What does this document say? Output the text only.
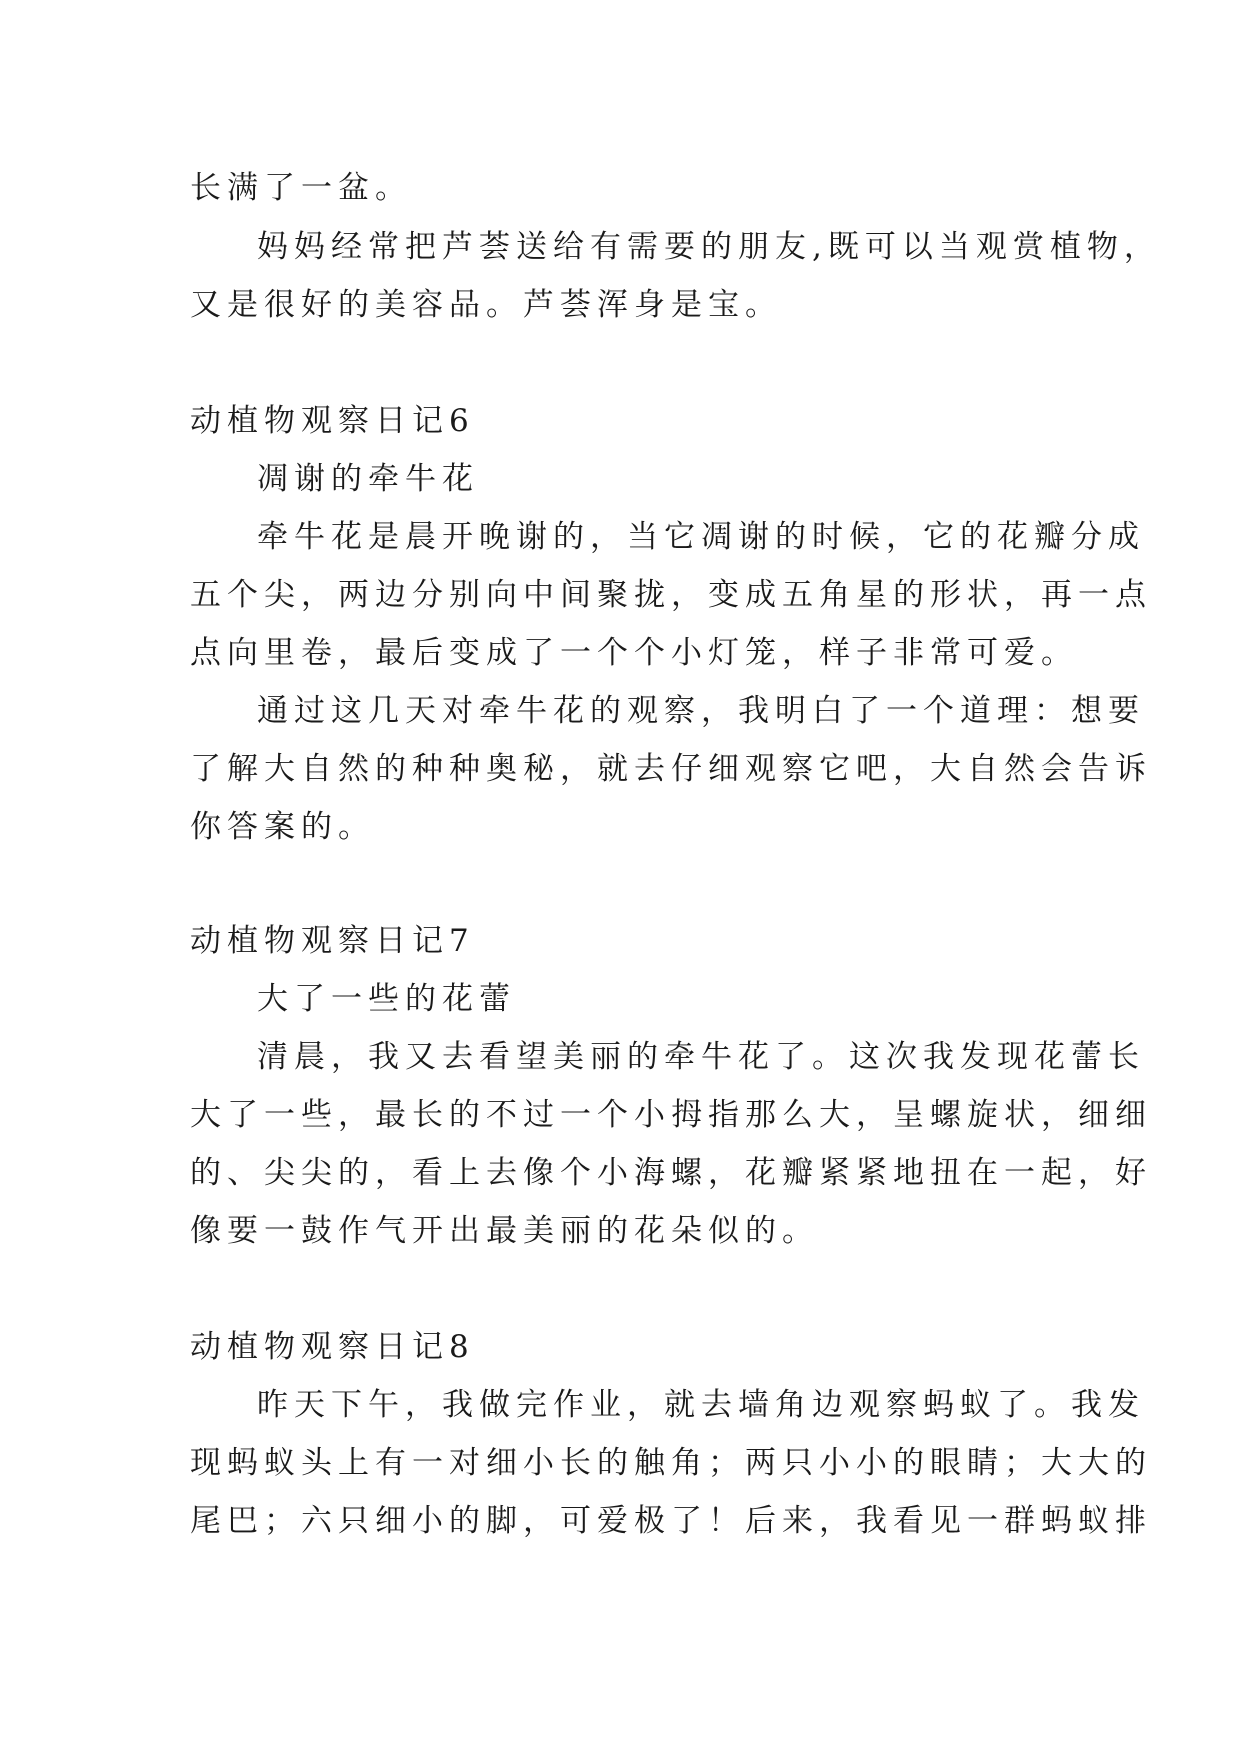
长满了一盆。
妈妈经常把芦荟送给有需要的朋友,既可以当观赏植物，
又是很好的美容品。芦荟浑身是宝。
动植物观察日记6
凋谢的牵牛花
牵牛花是晨开晚谢的，当它凋谢的时候，它的花瓣分成
五个尖，两边分别向中间聚拢，变成五角星的形状，再一点
点向里卷，最后变成了一个个小灯笼，样子非常可爱。
通过这几天对牵牛花的观察，我明白了一个道理：想要
了解大自然的种种奥秘，就去仔细观察它吧，大自然会告诉
你答案的。
动植物观察日记7
大了一些的花蕾
清晨，我又去看望美丽的牵牛花了。这次我发现花蕾长
大了一些，最长的不过一个小拇指那么大，呈螺旋状，细细
的、尖尖的，看上去像个小海螺，花瓣紧紧地扭在一起，好
像要一鼓作气开出最美丽的花朵似的。
动植物观察日记8
昨天下午，我做完作业，就去墙角边观察蚂蚁了。我发
现蚂蚁头上有一对细小长的触角；两只小小的眼睛；大大的
尾巴；六只细小的脚，可爱极了！后来，我看见一群蚂蚁排
